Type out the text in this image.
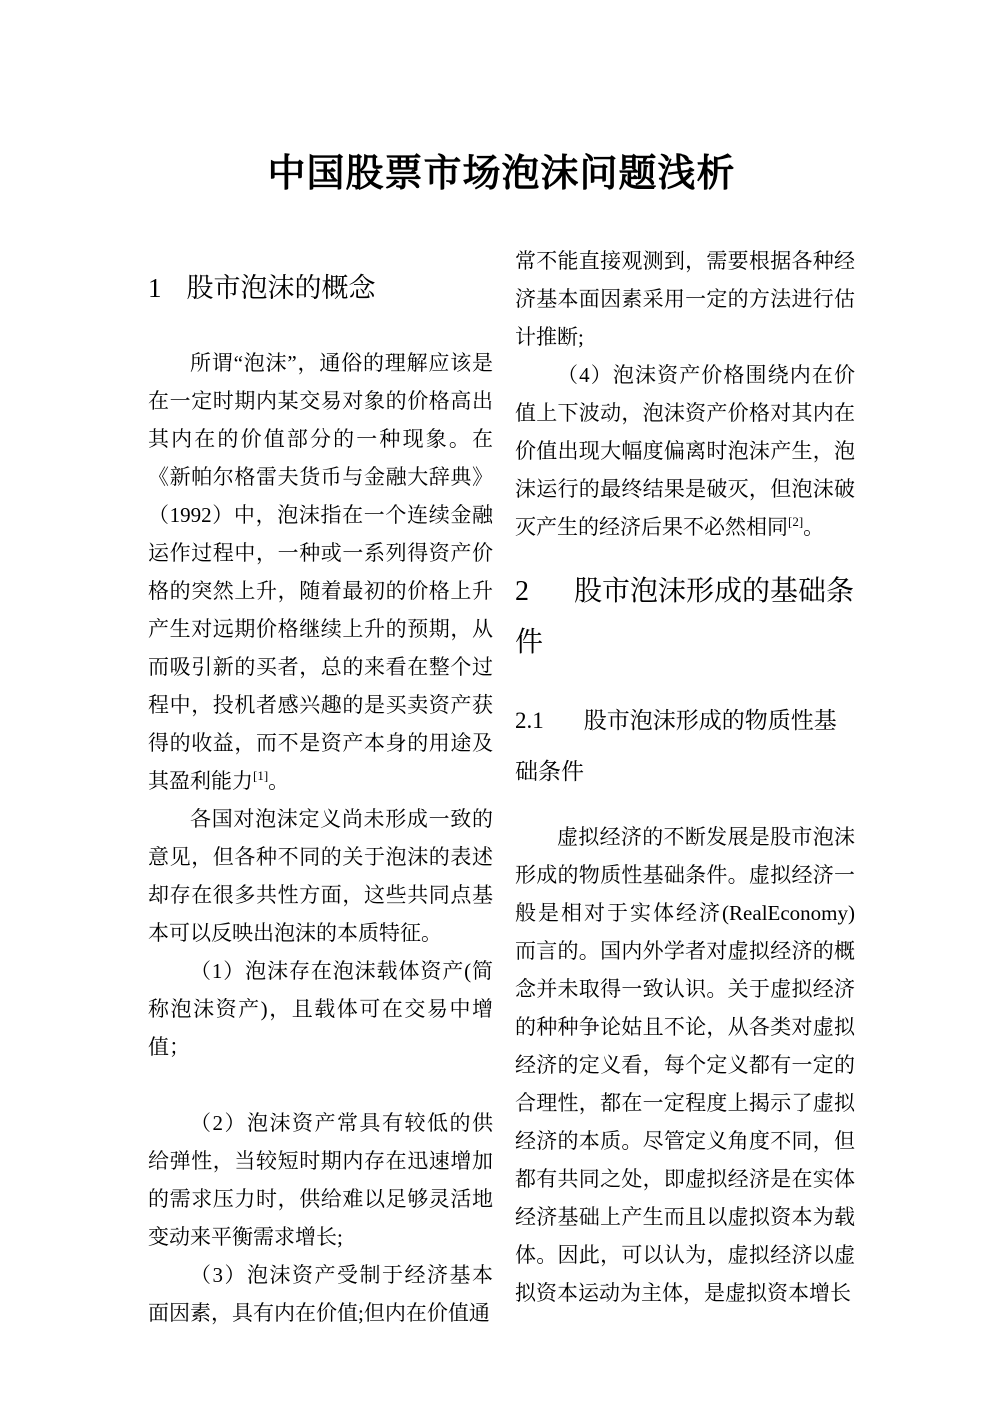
中国股票市场泡沫问题浅析
1 股市泡沫的概念

所谓“泡沫”，通俗的理解应该是在一定时期内某交易对象的价格高出其内在的价值部分的一种现象。在《新帕尔格雷夫货币与金融大辞典》（1992）中，泡沫指在一个连续金融运作过程中，一种或一系列得资产价格的突然上升，随着最初的价格上升产生对远期价格继续上升的预期，从而吸引新的买者，总的来看在整个过程中，投机者感兴趣的是买卖资产获得的收益，而不是资产本身的用途及其盈利能力[1]。

各国对泡沫定义尚未形成一致的意见，但各种不同的关于泡沫的表述却存在很多共性方面，这些共同点基本可以反映出泡沫的本质特征。

（1）泡沫存在泡沫载体资产(简称泡沫资产)，且载体可在交易中增值；

（2）泡沫资产常具有较低的供给弹性，当较短时期内存在迅速增加的需求压力时，供给难以足够灵活地变动来平衡需求增长;

（3）泡沫资产受制于经济基本面因素，具有内在价值;但内在价值通

常不能直接观测到，需要根据各种经济基本面因素采用一定的方法进行估计推断;

（4）泡沫资产价格围绕内在价值上下波动，泡沫资产价格对其内在价值出现大幅度偏离时泡沫产生，泡沫运行的最终结果是破灭，但泡沫破灭产生的经济后果不必然相同[2]。

2 股市泡沫形成的基础条件
2.1 股市泡沫形成的物质性基础条件

虚拟经济的不断发展是股市泡沫形成的物质性基础条件。虚拟经济一般是相对于实体经济(RealEconomy) 而言的。国内外学者对虚拟经济的概念并未取得一致认识。关于虚拟经济的种种争论姑且不论，从各类对虚拟经济的定义看，每个定义都有一定的合理性，都在一定程度上揭示了虚拟经济的本质。尽管定义角度不同，但都有共同之处，即虚拟经济是在实体经济基础上产生而且以虚拟资本为载体。因此，可以认为，虚拟经济以虚拟资本运动为主体，是虚拟资本增长
